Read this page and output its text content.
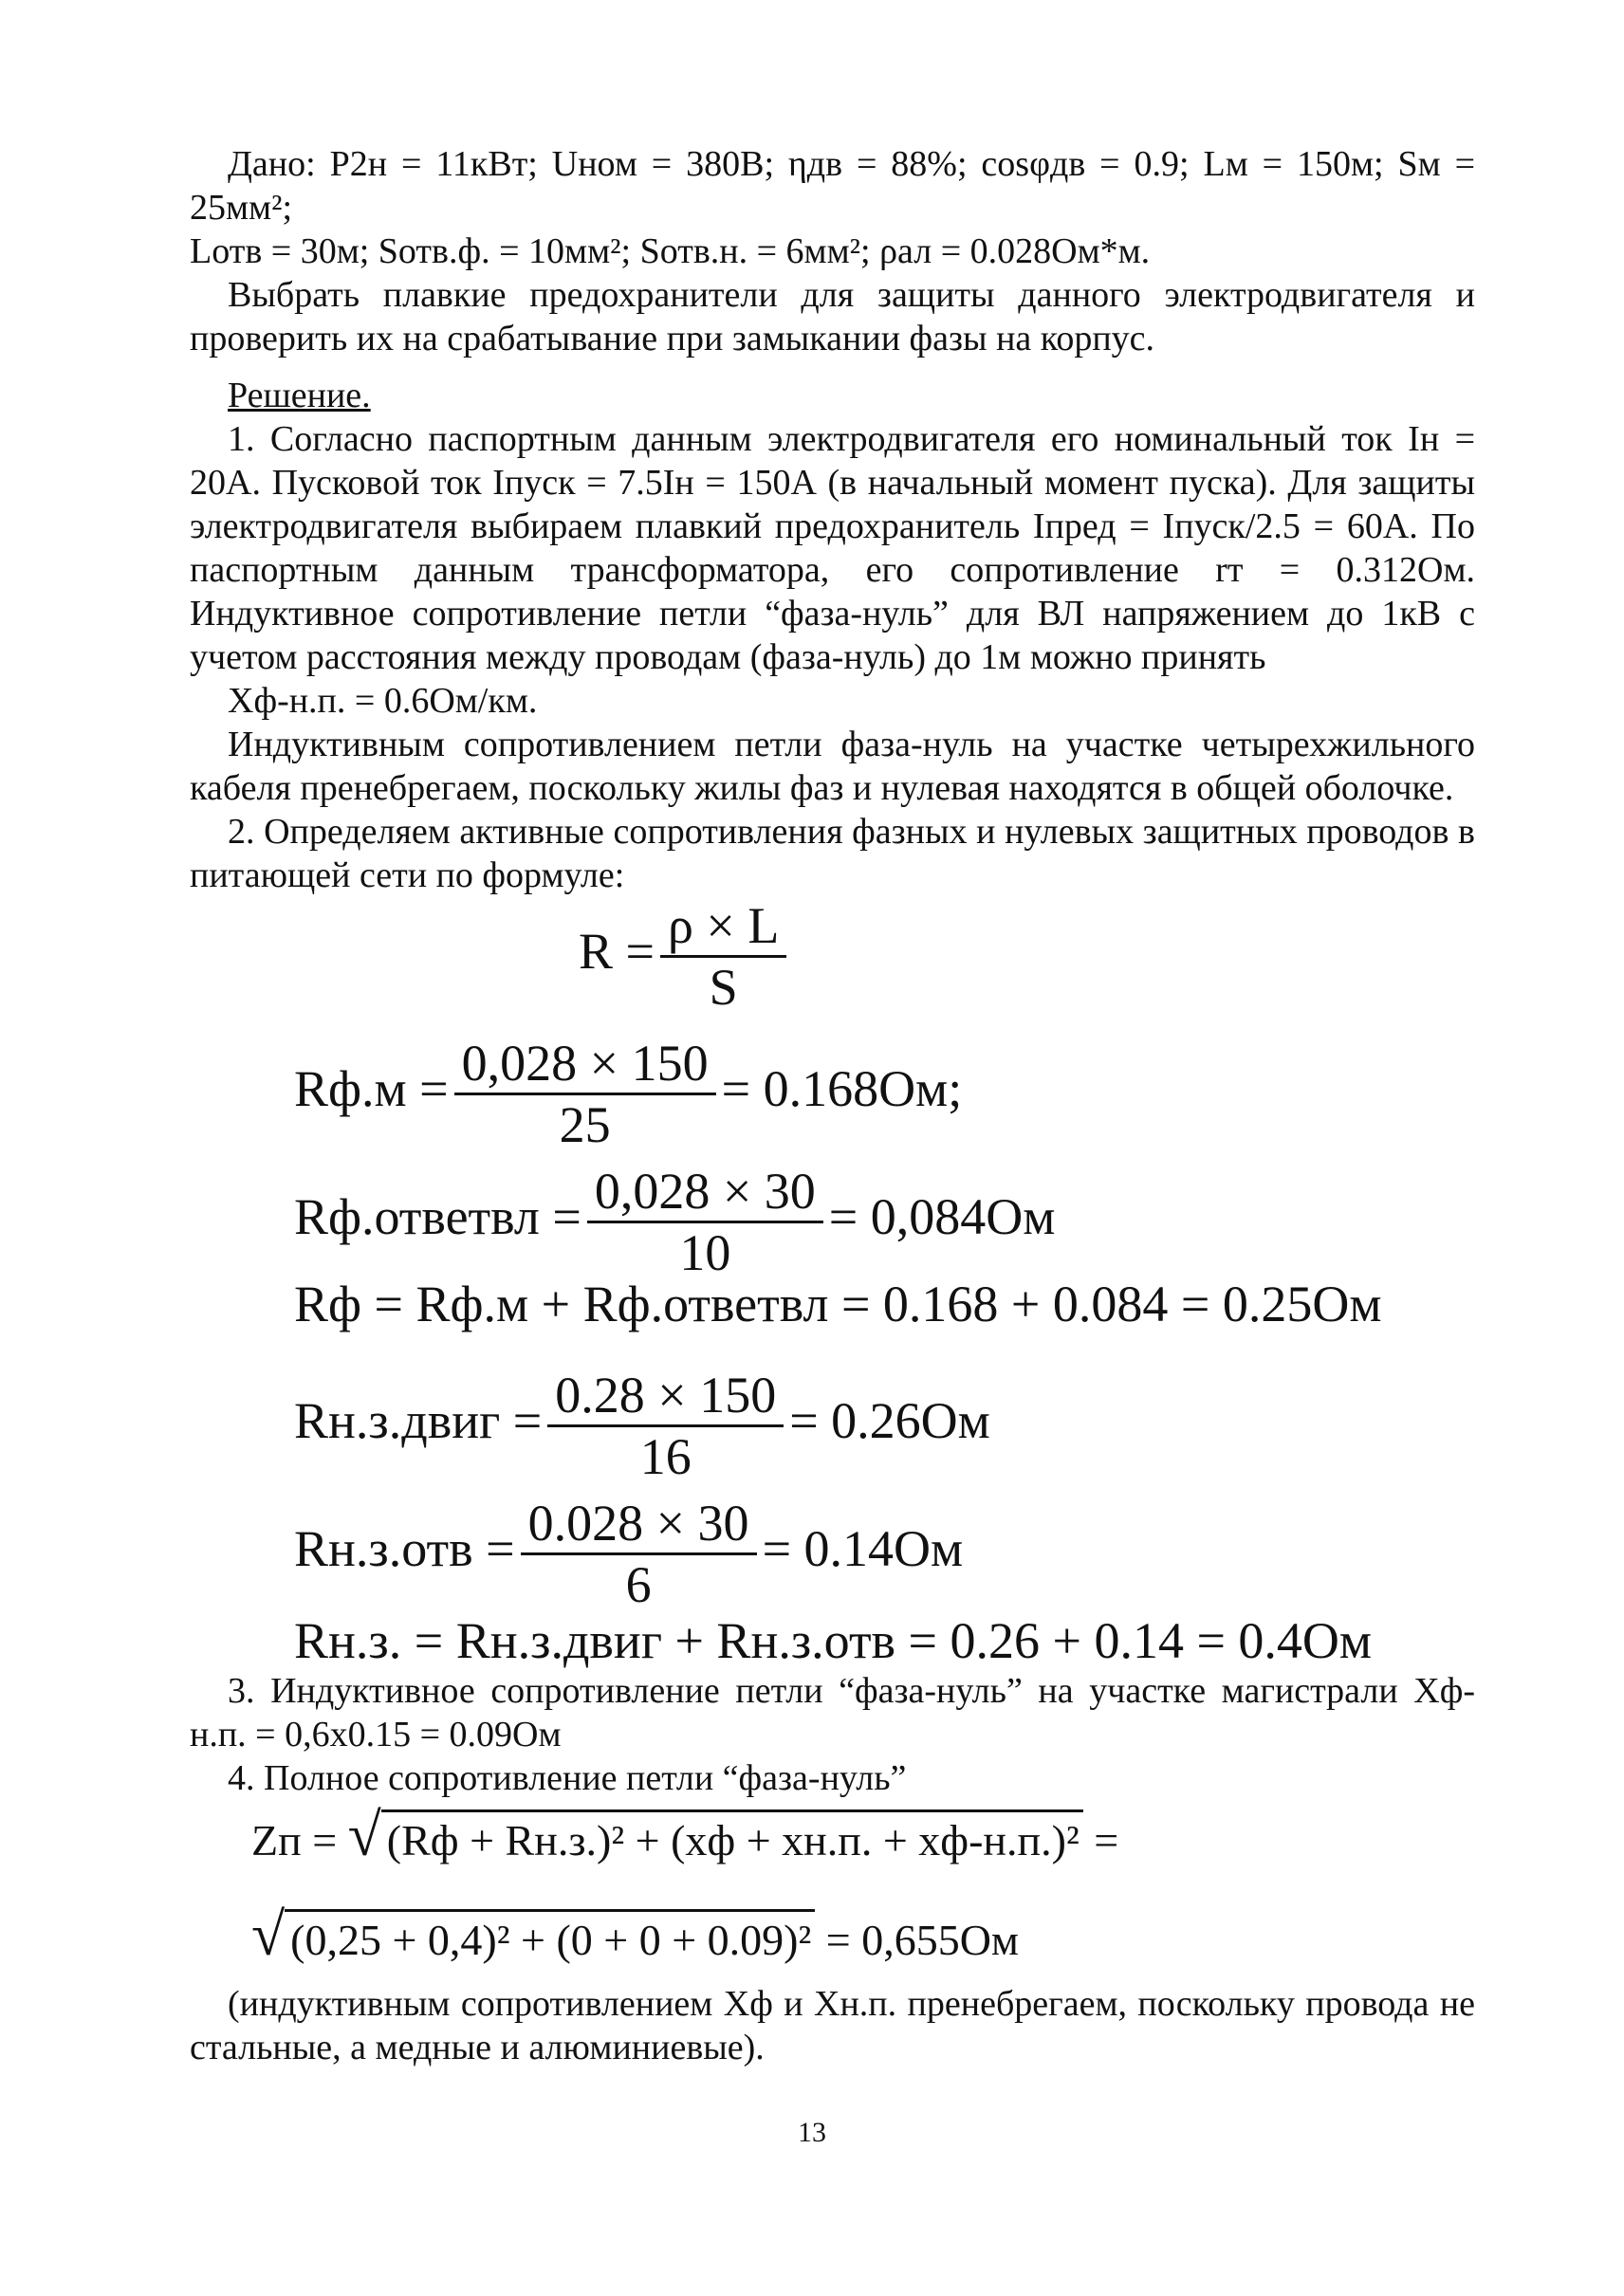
Дано: P2н = 11кВт; Uном = 380В; ηдв = 88%; cosφдв = 0.9; Lм = 150м; Sм = 25мм²;

Lотв = 30м; Sотв.ф. = 10мм²; Sотв.н. = 6мм²; ρал = 0.028Ом*м.

Выбрать плавкие предохранители для защиты данного электродвигателя и проверить их на срабатывание при замыкании фазы на корпус.

Решение.

1. Согласно паспортным данным электродвигателя его номинальный ток Iн = 20А. Пусковой ток Iпуск = 7.5Iн = 150А (в начальный момент пуска). Для защиты электродвигателя выбираем плавкий предохранитель Iпред = Iпуск/2.5 = 60А. По паспортным данным трансформатора, его сопротивление rт = 0.312Ом. Индуктивное сопротивление петли “фаза-нуль” для ВЛ напряжением до 1кВ с учетом расстояния между проводам (фаза-нуль) до 1м можно принять

Xф-н.п. = 0.6Ом/км.

Индуктивным сопротивлением петли фаза-нуль на участке четырехжильного кабеля пренебрегаем, поскольку жилы фаз и нулевая находятся в общей оболочке.

2. Определяем активные сопротивления фазных и нулевых защитных проводов в питающей сети по формуле:

$R = \frac{\rho \times L}{S}$
$Rф.м = \frac{0,028 \times 150}{25} = 0.168Ом$;
Rф.ответвл = $\frac{0,028 \times 30}{10} = 0,084Ом$
Rф = Rф.м + Rф.ответвл = 0.168 + 0.084 = 0.25Ом
Rн.з.двиг = $\frac{0.28 \times 150}{16} = 0.26Ом$
$Rн.з.отв = \frac{0.028 \times 30}{6} = 0.14Ом$
Rн.з. = Rн.з.двиг + Rн.з.отв = 0.26 + 0.14 = 0.4Ом

3. Индуктивное сопротивление петли “фаза-нуль” на участке магистрали Xф-н.п. = 0,6x0.15 = 0.09Ом

4. Полное сопротивление петли “фаза-нуль”

Zп = √ (Rф + Rн.з.)² + (xф + xн.п. + xф-н.п.)² =
√ (0,25 + 0,4)² + (0 + 0 + 0.09)² = 0,655Ом

(индуктивным сопротивлением Xф и Xн.п. пренебрегаем, поскольку провода не стальные, а медные и алюминиевые).

13
